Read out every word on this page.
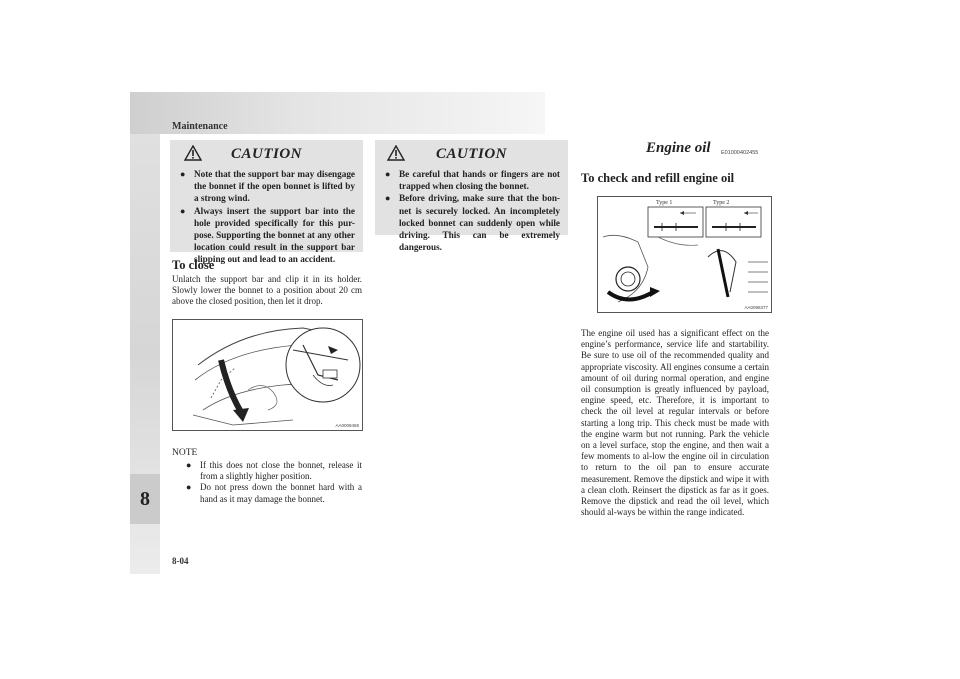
Maintenance
8
8-04
CAUTION
● Note that the support bar may disengage the bonnet if the open bonnet is lifted by a strong wind.
● Always insert the support bar into the hole provided specifically for this pur-pose. Supporting the bonnet at any other location could result in the support bar slipping out and lead to an accident.
To close
Unlatch the support bar and clip it in its holder. Slowly lower the bonnet to a position about 20 cm above the closed position, then let it drop.
AA0009459
NOTE
● If this does not close the bonnet, release it from a slightly higher position.
● Do not press down the bonnet hard with a hand as it may damage the bonnet.
CAUTION
● Be careful that hands or fingers are not trapped when closing the bonnet.
● Before driving, make sure that the bon-net is securely locked. An incompletely locked bonnet can suddenly open while driving. This can be extremely dangerous.
Engine oil E01000402455
To check and refill engine oil
Type 1	Type 2
AA0098377
The engine oil used has a significant effect on the engine’s performance, service life and startability. Be sure to use oil of the recommended quality and appropriate viscosity. All engines consume a certain amount of oil during normal operation, and engine oil consumption is greatly influenced by payload, engine speed, etc. Therefore, it is important to check the oil level at regular intervals or before starting a long trip. This check must be made with the engine warm but not running. Park the vehicle on a level surface, stop the engine, and then wait a few moments to al-low the engine oil in circulation to return to the oil pan to ensure accurate measurement. Remove the dipstick and wipe it with a clean cloth. Reinsert the dipstick as far as it goes. Remove the dipstick and read the oil level, which should al-ways be within the range indicated.
